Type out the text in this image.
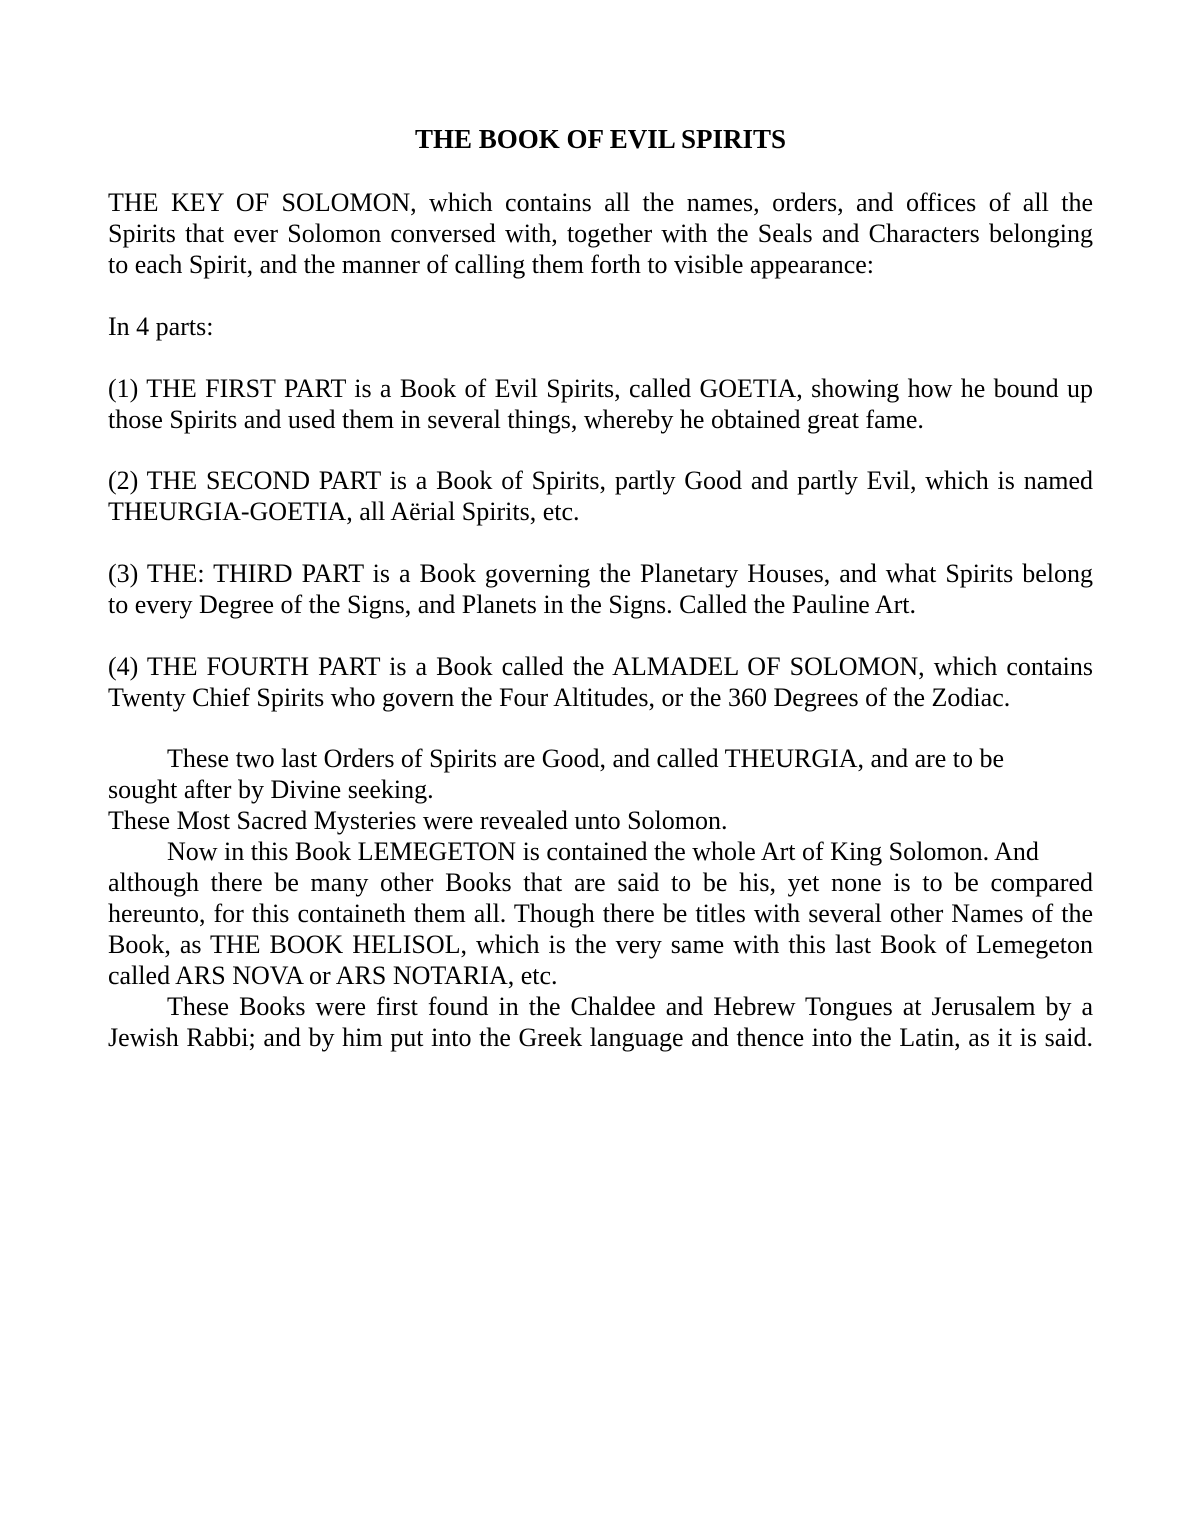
THE BOOK OF EVIL SPIRITS

THE KEY OF SOLOMON, which contains all the names, orders, and offices of all the
Spirits that ever Solomon conversed with, together with the Seals and Characters belonging
to each Spirit, and the manner of calling them forth to visible appearance:

In 4 parts:

(1) THE FIRST PART is a Book of Evil Spirits, called GOETIA, showing how he bound up
those Spirits and used them in several things, whereby he obtained great fame.

(2) THE SECOND PART is a Book of Spirits, partly Good and partly Evil, which is named
THEURGIA-GOETIA, all Aërial Spirits, etc.

(3) THE: THIRD PART is a Book governing the Planetary Houses, and what Spirits belong
to every Degree of the Signs, and Planets in the Signs. Called the Pauline Art.

(4) THE FOURTH PART is a Book called the ALMADEL OF SOLOMON, which contains
Twenty Chief Spirits who govern the Four Altitudes, or the 360 Degrees of the Zodiac.

These two last Orders of Spirits are Good, and called THEURGIA, and are to be
sought after by Divine seeking.
These Most Sacred Mysteries were revealed unto Solomon.
Now in this Book LEMEGETON is contained the whole Art of King Solomon. And
although there be many other Books that are said to be his, yet none is to be compared
hereunto, for this containeth them all. Though there be titles with several other Names of the
Book, as THE BOOK HELISOL, which is the very same with this last Book of Lemegeton
called ARS NOVA or ARS NOTARIA, etc.
These Books were first found in the Chaldee and Hebrew Tongues at Jerusalem by a
Jewish Rabbi; and by him put into the Greek language and thence into the Latin, as it is said.
